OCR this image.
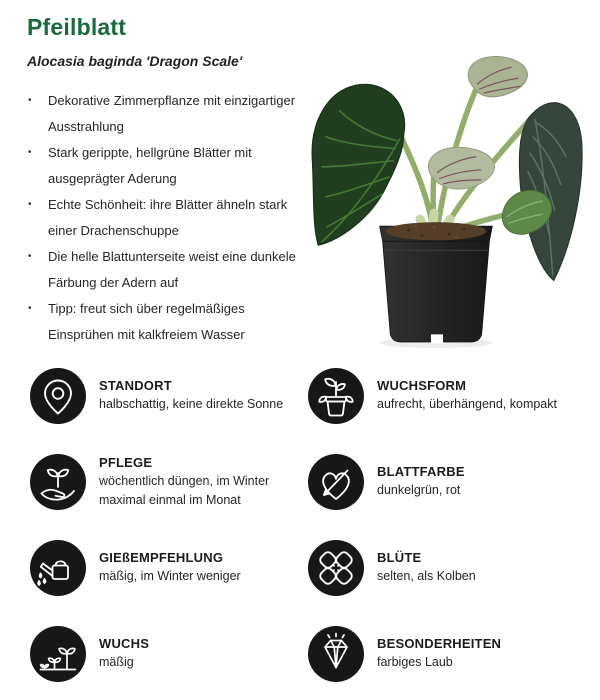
Pfeilblatt
Alocasia baginda 'Dragon Scale'
• Dekorative Zimmerpflanze mit einzigartiger Ausstrahlung
• Stark gerippte, hellgrüne Blätter mit ausgeprägter Aderung
• Echte Schönheit: ihre Blätter ähneln stark einer Drachenschuppe
• Die helle Blattunterseite weist eine dunkele Färbung der Adern auf
• Tipp: freut sich über regelmäßiges Einsprühen mit kalkfreiem Wasser
STANDORT
halbschattig, keine direkte Sonne
WUCHSFORM
aufrecht, überhängend, kompakt
PFLEGE
wöchentlich düngen, im Winter maximal einmal im Monat
BLATTFARBE
dunkelgrün, rot
GIEßEMPFEHLUNG
mäßig, im Winter weniger
BLÜTE
selten, als Kolben
WUCHS
mäßig
BESONDERHEITEN
farbiges Laub
